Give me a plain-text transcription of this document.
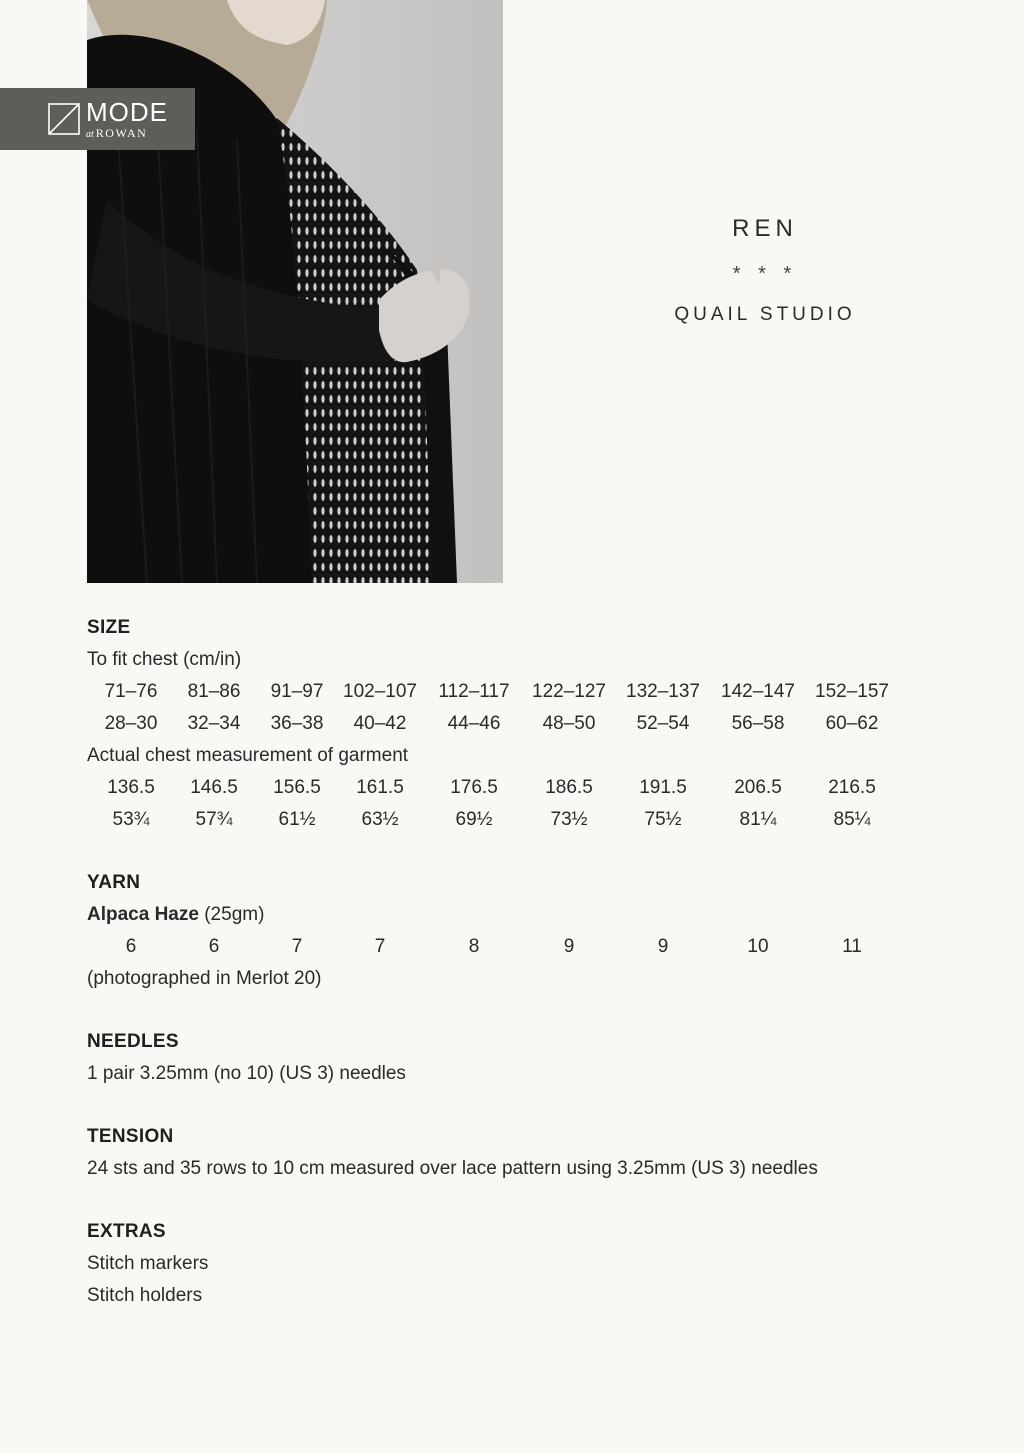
MODE
at ROWAN
REN
* * *
QUAIL STUDIO
SIZE
To fit chest (cm/in)
71–76 81–86 91–97 102–107 112–117 122–127 132–137 142–147 152–157
28–30 32–34 36–38 40–42 44–46 48–50 52–54 56–58 60–62
Actual chest measurement of garment
136.5 146.5 156.5 161.5 176.5 186.5 191.5 206.5 216.5
53¾ 57¾ 61½ 63½	69½	73½	75½	81¼	85¼
YARN
Alpaca Haze (25gm)
6	6	7	7	8	9	9	10	11
(photographed in Merlot 20)
NEEDLES
1 pair 3.25mm (no 10) (US 3) needles
TENSION
24 sts and 35 rows to 10 cm measured over lace pattern using 3.25mm (US 3) needles
EXTRAS
Stitch markers
Stitch holders
